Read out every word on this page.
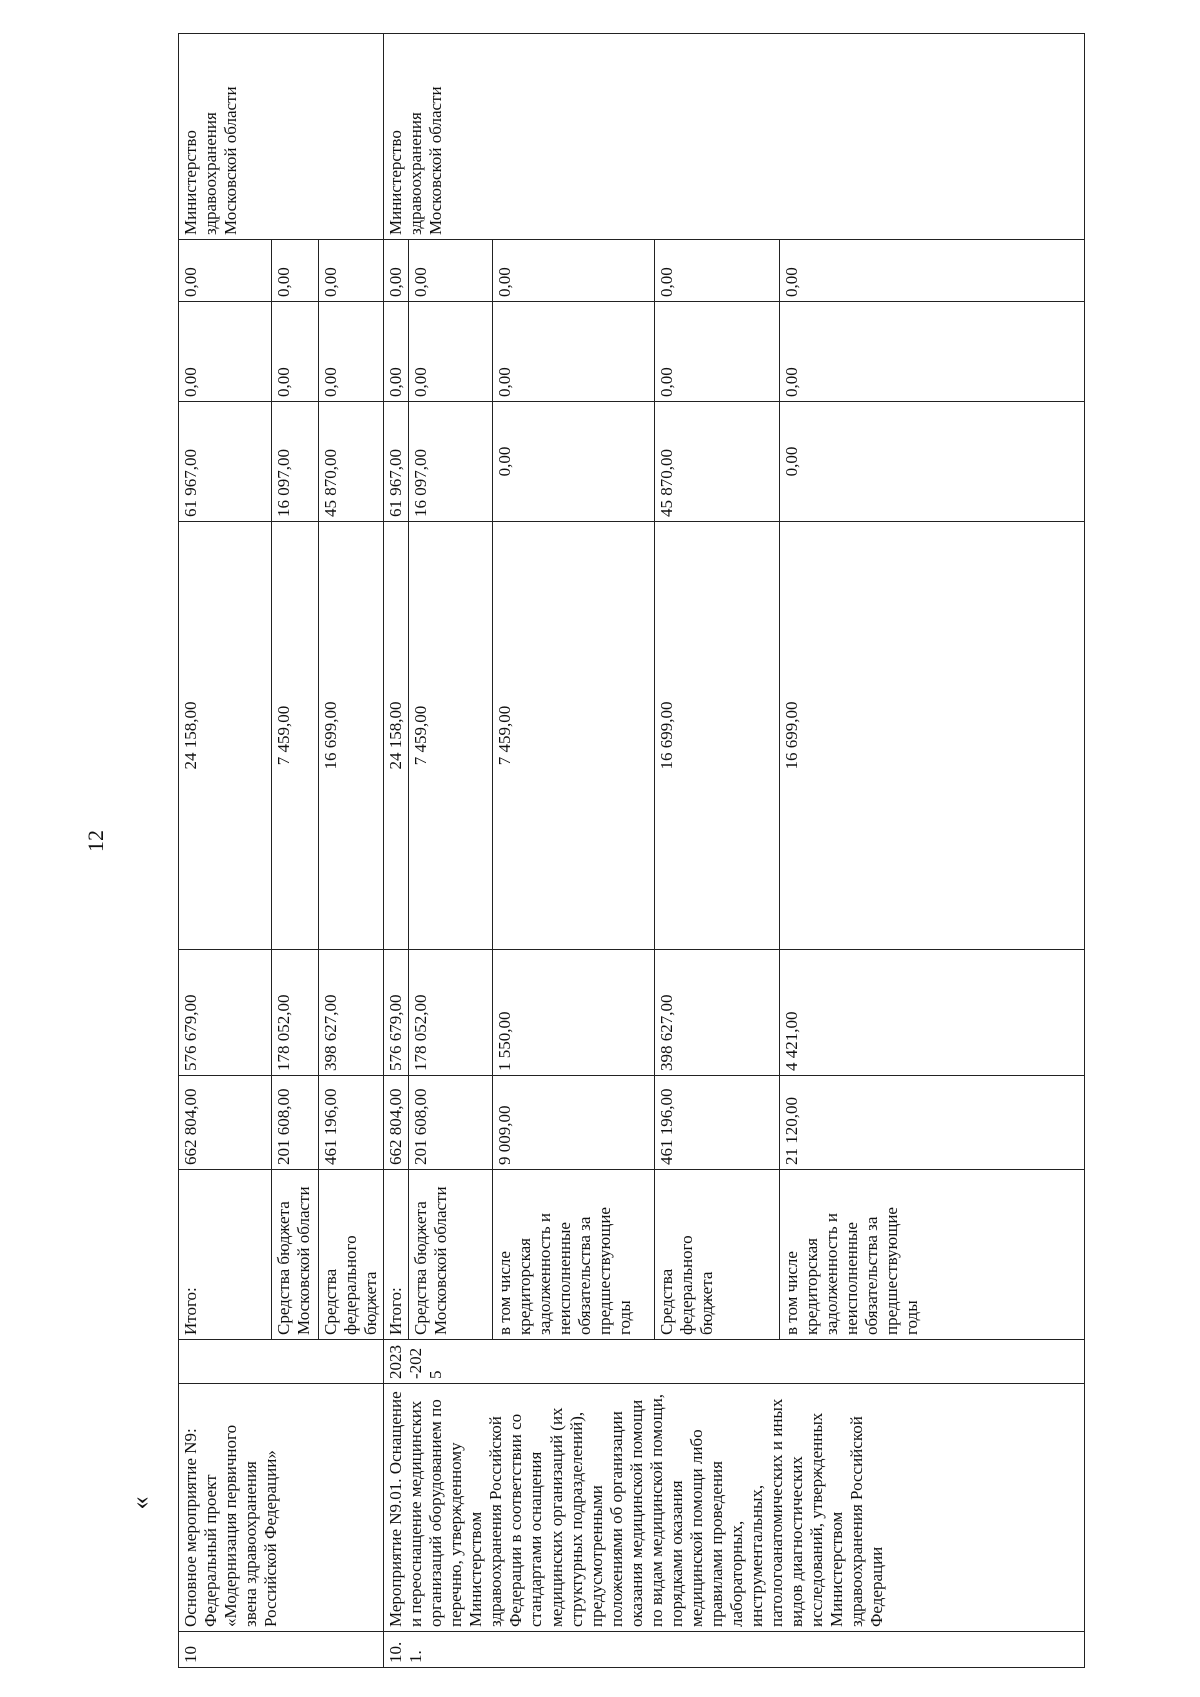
12
«
10	Основное мероприятие N9: Федеральный проект «Модернизация первичного звена здравоохранения Российской Федерации»		Итого:	662 804,00	576 679,00	24 158,00	61 967,00	0,00	0,00	Министерство здравоохранения Московской области
			Средства бюджета Московской области	201 608,00	178 052,00	7 459,00	16 097,00	0,00	0,00	
			Средства федерального бюджета	461 196,00	398 627,00	16 699,00	45 870,00	0,00	0,00	
10.1.	Мероприятие N9.01. Оснащение и переоснащение медицинских организаций оборудованием по перечню, утвержденному Министерством здравоохранения Российской Федерации в соответствии со стандартами оснащения медицинских организаций (их структурных подразделений), предусмотренными положениями об организации оказания медицинской помощи по видам медицинской помощи, порядками оказания медицинской помощи либо правилами проведения лабораторных, инструментальных, патологоанатомических и иных видов диагностических исследований, утвержденных Министерством здравоохранения Российской Федерации	2023-2025	Итого:	662 804,00	576 679,00	24 158,00	61 967,00	0,00	0,00	Министерство здравоохранения Московской области
			Средства бюджета Московской области	201 608,00	178 052,00	7 459,00	16 097,00	0,00	0,00	
			в том числе кредиторская задолженность и неисполненные обязательства за предшествующие годы	9 009,00	1 550,00	7 459,00	0,00	0,00	0,00	
			Средства федерального бюджета	461 196,00	398 627,00	16 699,00	45 870,00	0,00	0,00	
			в том числе кредиторская задолженность и неисполненные обязательства за предшествующие годы	21 120,00	4 421,00	16 699,00	0,00	0,00	0,00	
